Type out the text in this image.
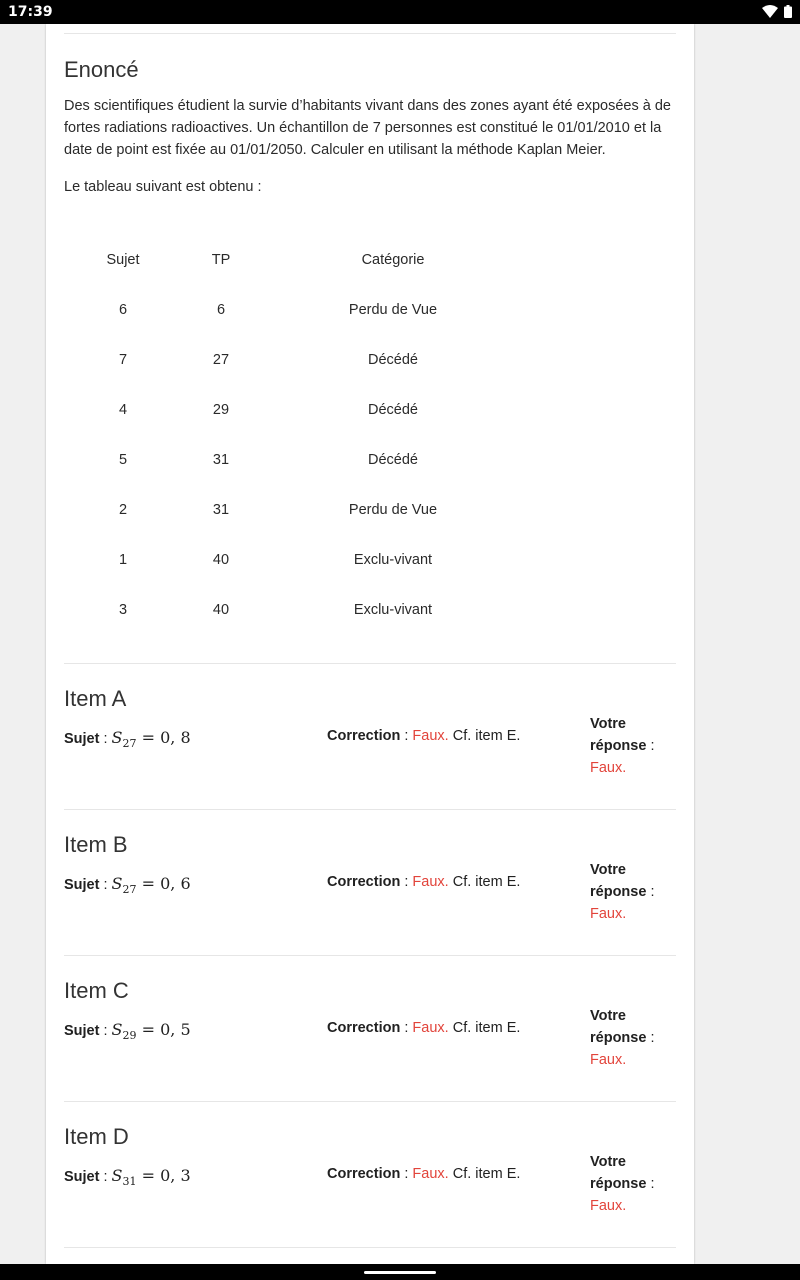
17:39
Enoncé

Des scientifiques étudient la survie d’habitants vivant dans des zones ayant été exposées à de fortes radiations radioactives. Un échantillon de 7 personnes est constitué le 01/01/2010 et la date de point est fixée au 01/01/2050. Calculer en utilisant la méthode Kaplan Meier.

Le tableau suivant est obtenu :

Sujet	TP	Catégorie
6	6	Perdu de Vue
7	27	Décédé
4	29	Décédé
5	31	Décédé
2	31	Perdu de Vue
1	40	Exclu-vivant
3	40	Exclu-vivant
Item A
Sujet : $S_{27} = 0$, 8	Correction : Faux. Cf. item E.
Votre
réponse :
Faux.
Item B
Sujet : $S_{27} = 0$, 6	Correction : Faux. Cf. item E.
Votre
réponse :
Faux.
Item C
Sujet : $S_{29} = 0$, 5	Correction : Faux. Cf. item E.
Votre
réponse :
Faux.
Item D
Sujet : $S_{31} = 0$, 3	Correction : Faux. Cf. item E.
Votre
réponse :
Faux.
